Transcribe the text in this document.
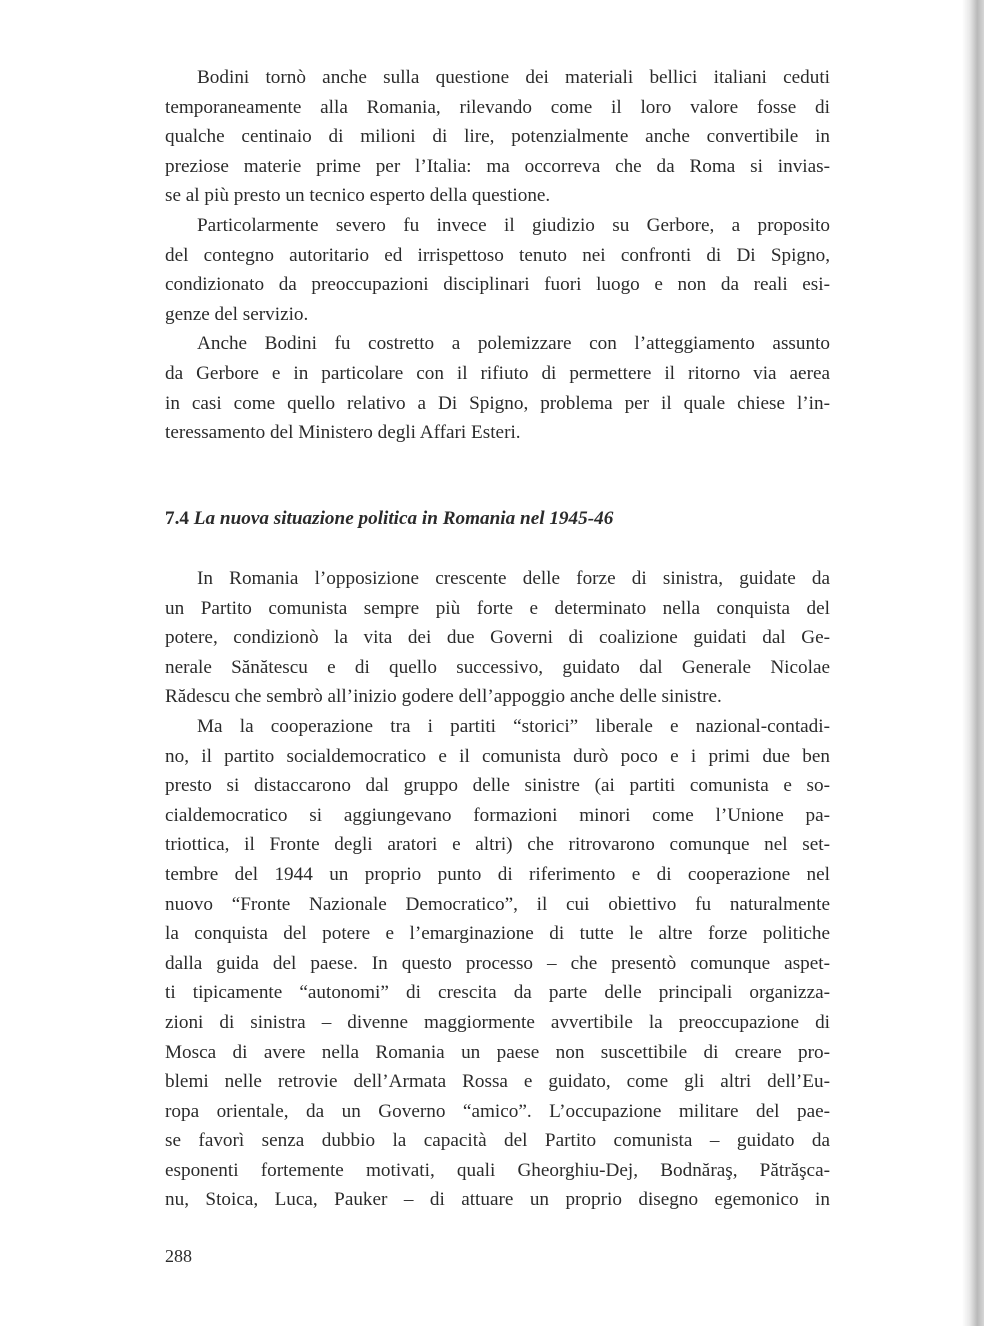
Bodini tornò anche sulla questione dei materiali bellici italiani ceduti
temporaneamente alla Romania, rilevando come il loro valore fosse di
qualche centinaio di milioni di lire, potenzialmente anche convertibile in
preziose materie prime per l’Italia: ma occorreva che da Roma si invias-
se al più presto un tecnico esperto della questione.

Particolarmente severo fu invece il giudizio su Gerbore, a proposito
del contegno autoritario ed irrispettoso tenuto nei confronti di Di Spigno,
condizionato da preoccupazioni disciplinari fuori luogo e non da reali esi-
genze del servizio.

Anche Bodini fu costretto a polemizzare con l’atteggiamento assunto
da Gerbore e in particolare con il rifiuto di permettere il ritorno via aerea
in casi come quello relativo a Di Spigno, problema per il quale chiese l’in-
teressamento del Ministero degli Affari Esteri.

7.4 La nuova situazione politica in Romania nel 1945-46

In Romania l’opposizione crescente delle forze di sinistra, guidate da
un Partito comunista sempre più forte e determinato nella conquista del
potere, condizionò la vita dei due Governi di coalizione guidati dal Ge-
nerale Sănătescu e di quello successivo, guidato dal Generale Nicolae
Rădescu che sembrò all’inizio godere dell’appoggio anche delle sinistre.

Ma la cooperazione tra i partiti “storici” liberale e nazional-contadi-
no, il partito socialdemocratico e il comunista durò poco e i primi due ben
presto si distaccarono dal gruppo delle sinistre (ai partiti comunista e so-
cialdemocratico si aggiungevano formazioni minori come l’Unione pa-
triottica, il Fronte degli aratori e altri) che ritrovarono comunque nel set-
tembre del 1944 un proprio punto di riferimento e di cooperazione nel
nuovo “Fronte Nazionale Democratico”, il cui obiettivo fu naturalmente
la conquista del potere e l’emarginazione di tutte le altre forze politiche
dalla guida del paese. In questo processo – che presentò comunque aspet-
ti tipicamente “autonomi” di crescita da parte delle principali organizza-
zioni di sinistra – divenne maggiormente avvertibile la preoccupazione di
Mosca di avere nella Romania un paese non suscettibile di creare pro-
blemi nelle retrovie dell’Armata Rossa e guidato, come gli altri dell’Eu-
ropa orientale, da un Governo “amico”. L’occupazione militare del pae-
se favorì senza dubbio la capacità del Partito comunista – guidato da
esponenti fortemente motivati, quali Gheorghiu-Dej, Bodnăraş, Pătrăşca-
nu, Stoica, Luca, Pauker – di attuare un proprio disegno egemonico in

288
